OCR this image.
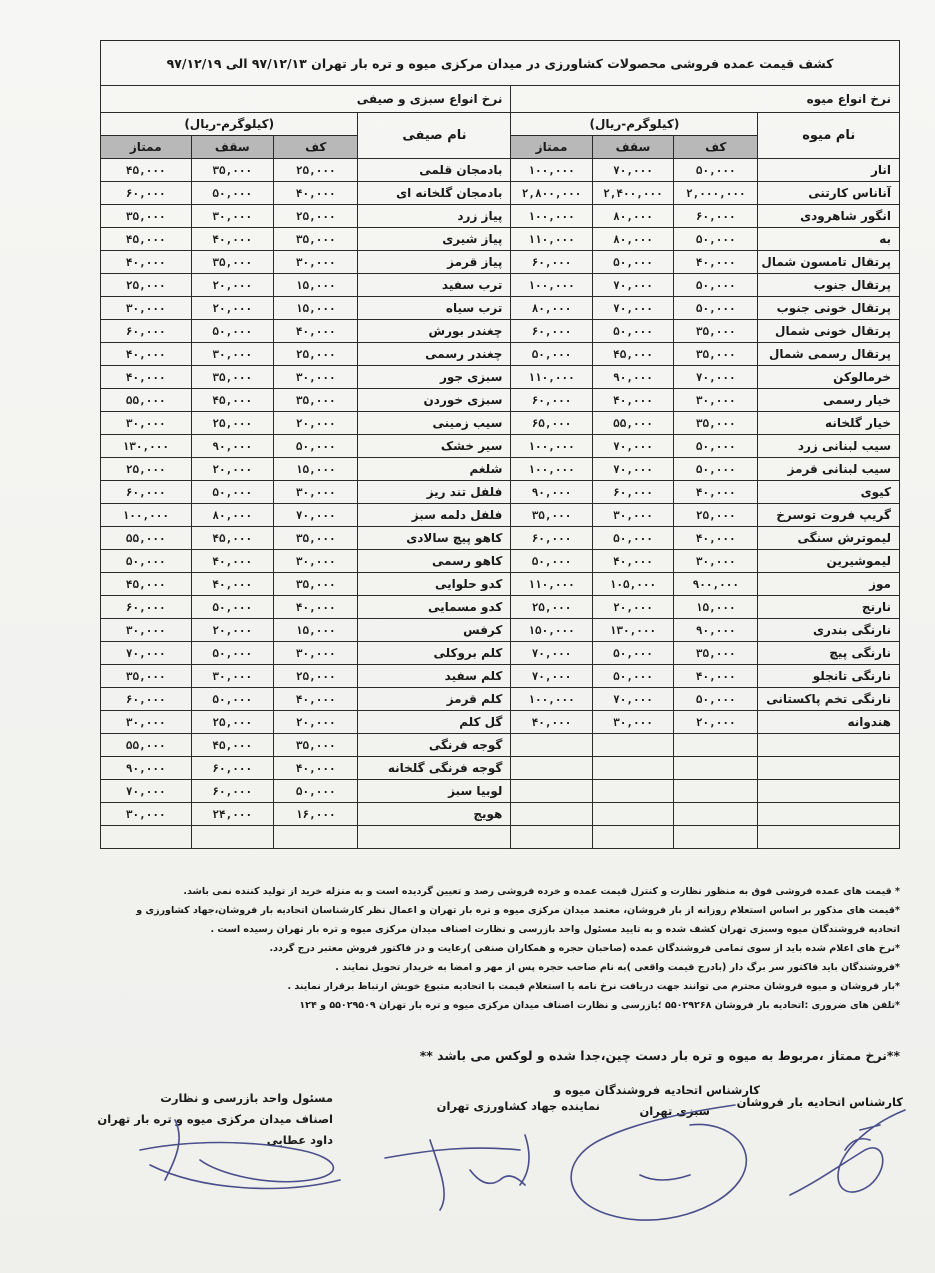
کشف قیمت عمده فروشی محصولات کشاورزی در میدان مرکزی میوه و تره بار تهران ۹۷/۱۲/۱۳ الی ۹۷/۱۲/۱۹							
نرخ انواع میوه				نرخ انواع سبزی و صیفی			
نام میوه	(کیلوگرم-ریال)			نام صیفی	(کیلوگرم-ریال)		
	کف	سقف	ممتاز		کف	سقف	ممتاز
انار	۵۰,۰۰۰	۷۰,۰۰۰	۱۰۰,۰۰۰	بادمجان قلمی	۲۵,۰۰۰	۳۵,۰۰۰	۴۵,۰۰۰
آناناس کارتنی	۲,۰۰۰,۰۰۰	۲,۴۰۰,۰۰۰	۲,۸۰۰,۰۰۰	بادمجان گلخانه ای	۴۰,۰۰۰	۵۰,۰۰۰	۶۰,۰۰۰
انگور شاهرودی	۶۰,۰۰۰	۸۰,۰۰۰	۱۰۰,۰۰۰	پیاز زرد	۲۵,۰۰۰	۳۰,۰۰۰	۳۵,۰۰۰
به	۵۰,۰۰۰	۸۰,۰۰۰	۱۱۰,۰۰۰	پیاز شیری	۳۵,۰۰۰	۴۰,۰۰۰	۴۵,۰۰۰
پرتقال تامسون شمال	۴۰,۰۰۰	۵۰,۰۰۰	۶۰,۰۰۰	پیاز قرمز	۳۰,۰۰۰	۳۵,۰۰۰	۴۰,۰۰۰
پرتقال جنوب	۵۰,۰۰۰	۷۰,۰۰۰	۱۰۰,۰۰۰	ترب سفید	۱۵,۰۰۰	۲۰,۰۰۰	۲۵,۰۰۰
پرتقال خونی جنوب	۵۰,۰۰۰	۷۰,۰۰۰	۸۰,۰۰۰	ترب سیاه	۱۵,۰۰۰	۲۰,۰۰۰	۳۰,۰۰۰
پرتقال خونی شمال	۳۵,۰۰۰	۵۰,۰۰۰	۶۰,۰۰۰	چغندر بورش	۴۰,۰۰۰	۵۰,۰۰۰	۶۰,۰۰۰
پرتقال رسمی شمال	۳۵,۰۰۰	۴۵,۰۰۰	۵۰,۰۰۰	چغندر رسمی	۲۵,۰۰۰	۳۰,۰۰۰	۴۰,۰۰۰
خرمالوکن	۷۰,۰۰۰	۹۰,۰۰۰	۱۱۰,۰۰۰	سبزی جور	۳۰,۰۰۰	۳۵,۰۰۰	۴۰,۰۰۰
خیار رسمی	۳۰,۰۰۰	۴۰,۰۰۰	۶۰,۰۰۰	سبزی خوردن	۳۵,۰۰۰	۴۵,۰۰۰	۵۵,۰۰۰
خیار گلخانه	۳۵,۰۰۰	۵۵,۰۰۰	۶۵,۰۰۰	سیب زمینی	۲۰,۰۰۰	۲۵,۰۰۰	۳۰,۰۰۰
سیب لبنانی زرد	۵۰,۰۰۰	۷۰,۰۰۰	۱۰۰,۰۰۰	سیر خشک	۵۰,۰۰۰	۹۰,۰۰۰	۱۳۰,۰۰۰
سیب لبنانی قرمز	۵۰,۰۰۰	۷۰,۰۰۰	۱۰۰,۰۰۰	شلغم	۱۵,۰۰۰	۲۰,۰۰۰	۲۵,۰۰۰
کیوی	۴۰,۰۰۰	۶۰,۰۰۰	۹۰,۰۰۰	فلفل تند ریز	۳۰,۰۰۰	۵۰,۰۰۰	۶۰,۰۰۰
گریپ فروت توسرخ	۲۵,۰۰۰	۳۰,۰۰۰	۳۵,۰۰۰	فلفل دلمه سبز	۷۰,۰۰۰	۸۰,۰۰۰	۱۰۰,۰۰۰
لیموترش سنگی	۴۰,۰۰۰	۵۰,۰۰۰	۶۰,۰۰۰	کاهو پیچ سالادی	۳۵,۰۰۰	۴۵,۰۰۰	۵۵,۰۰۰
لیموشیرین	۳۰,۰۰۰	۴۰,۰۰۰	۵۰,۰۰۰	کاهو رسمی	۳۰,۰۰۰	۴۰,۰۰۰	۵۰,۰۰۰
موز	۹۰۰,۰۰۰	۱۰۵,۰۰۰	۱۱۰,۰۰۰	کدو حلوایی	۳۵,۰۰۰	۴۰,۰۰۰	۴۵,۰۰۰
نارنج	۱۵,۰۰۰	۲۰,۰۰۰	۲۵,۰۰۰	کدو مسمایی	۴۰,۰۰۰	۵۰,۰۰۰	۶۰,۰۰۰
نارنگی بندری	۹۰,۰۰۰	۱۳۰,۰۰۰	۱۵۰,۰۰۰	کرفس	۱۵,۰۰۰	۲۰,۰۰۰	۳۰,۰۰۰
نارنگی پیچ	۳۵,۰۰۰	۵۰,۰۰۰	۷۰,۰۰۰	کلم بروکلی	۳۰,۰۰۰	۵۰,۰۰۰	۷۰,۰۰۰
نارنگی تانجلو	۴۰,۰۰۰	۵۰,۰۰۰	۷۰,۰۰۰	کلم سفید	۲۵,۰۰۰	۳۰,۰۰۰	۳۵,۰۰۰
نارنگی تخم پاکستانی	۵۰,۰۰۰	۷۰,۰۰۰	۱۰۰,۰۰۰	کلم قرمز	۴۰,۰۰۰	۵۰,۰۰۰	۶۰,۰۰۰
هندوانه	۲۰,۰۰۰	۳۰,۰۰۰	۴۰,۰۰۰	گل کلم	۲۰,۰۰۰	۲۵,۰۰۰	۳۰,۰۰۰
				گوجه فرنگی	۳۵,۰۰۰	۴۵,۰۰۰	۵۵,۰۰۰
				گوجه فرنگی گلخانه	۴۰,۰۰۰	۶۰,۰۰۰	۹۰,۰۰۰
				لوبیا سبز	۵۰,۰۰۰	۶۰,۰۰۰	۷۰,۰۰۰
				هویج	۱۶,۰۰۰	۲۴,۰۰۰	۳۰,۰۰۰

* قیمت های عمده فروشی فوق به منظور نظارت و کنترل قیمت عمده و خرده فروشی رصد و تعیین گردیده است و به منزله خرید از تولید کننده نمی باشد.

*قیمت های مذکور بر اساس استعلام روزانه از بار فروشان، معتمد میدان مرکزی میوه و تره بار تهران و اعمال نظر کارشناسان اتحادیه بار فروشان،جهاد کشاورزی و

اتحادیه فروشندگان میوه وسبزی تهران کشف شده و به تایید مسئول واحد بازرسی و نظارت اصناف میدان مرکزی میوه و تره بار تهران رسیده است .

*نرخ های اعلام شده باید از سوی تمامی فروشندگان عمده (صاحبان حجره و همکاران صنفی )رعایت و در فاکتور فروش معتبر درج گردد.

*فروشندگان باید فاکتور سر برگ دار (بادرج قیمت واقعی )به نام صاحب حجره پس از مهر و امضا به خریدار تحویل نمایند .

*بار فروشان و میوه فروشان محترم می توانند جهت دریافت نرخ نامه یا استعلام قیمت با اتحادیه متبوع خویش ارتباط برقرار نمایند .

*تلفن های ضروری :اتحادیه بار فروشان ۵۵۰۲۹۲۶۸ ؛بازرسی و نظارت اصناف میدان مرکزی میوه و تره بار تهران ۵۵۰۲۹۵۰۹ و ۱۲۴

**نرخ ممتاز ،مربوط به میوه و تره بار دست چین،جدا شده و لوکس می باشد **

کارشناس اتحادیه بار فروشان

کارشناس اتحادیه فروشندگان میوه و

سبزی تهران

نماینده جهاد کشاورزی تهران

مسئول واحد بازرسی و نظارت

اصناف میدان مرکزی میوه و تره بار تهران

داود عطایی
